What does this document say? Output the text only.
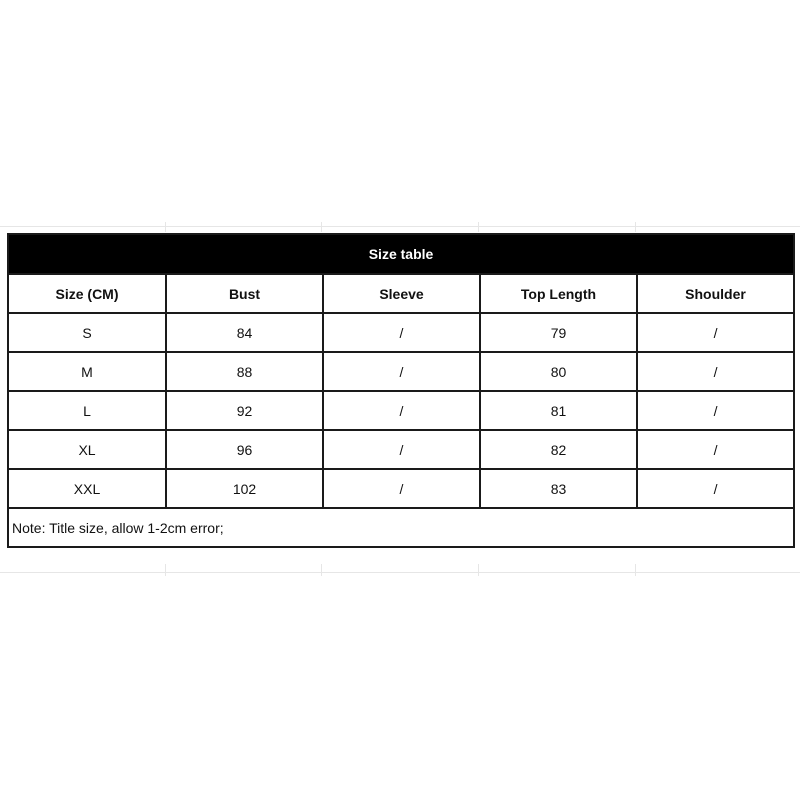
Size table				
Size (CM)	Bust	Sleeve	Top Length	Shoulder
S	84	/	79	/
M	88	/	80	/
L	92	/	81	/
XL	96	/	82	/
XXL	102	/	83	/
Note: Title size, allow 1-2cm error;				
